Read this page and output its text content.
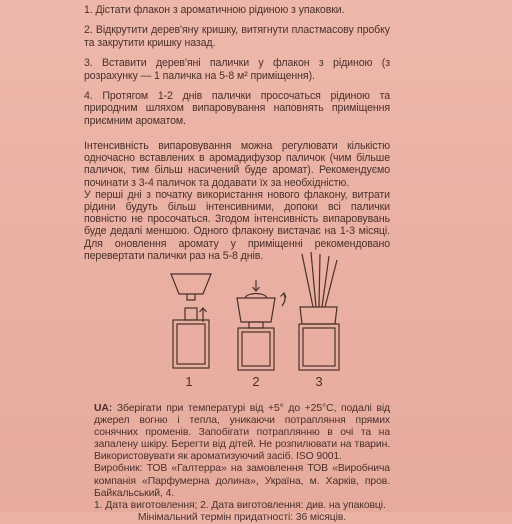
1. Дістати флакон з ароматичною рідиною з упаковки.

2. Відкрутити дерев'яну кришку, витягнути пластмасову пробку та закрутити кришку назад.

3. Вставити дерев'яні палички у флакон з рідиною (з розрахунку — 1 паличка на 5-8 м² приміщення).

4. Протягом 1-2 днів палички просочаться рідиною та природним шляхом випаровування наповнять приміщення приємним ароматом.

Інтенсивність випаровування можна регулювати кількістю одночасно вставлених в аромадифузор паличок (чим більше паличок, тим більш насичений буде аромат). Рекомендуємо починати з 3-4 паличок та додавати їх за необхідністю.

У перші дні з початку використання нового флакону, витрати рідини будуть більш інтенсивними, допоки всі палички повністю не просочаться. Згодом інтенсивність випаровувань буде дедалі меншою. Одного флакону вистачає на 1-3 місяці. Для оновлення аромату у приміщенні рекомендовано перевертати палички раз на 5-8 днів.

1	2	3

UA: Зберігати при температурі від +5° до +25°C, подалі від джерел вогню і тепла, уникаючи потрапляння прямих сонячних променів. Запобігати потраплянню в очі та на запалену шкіру. Берегти від дітей. Не розпилювати на тварин. Використовувати як ароматизуючий засіб. ISO 9001.

Виробник: ТОВ «Галтерра» на замовлення ТОВ «Виробнича компанія «Парфумерна долина», Україна, м. Харків, пров. Байкальський, 4.

1. Дата виготовлення; 2. Дата виготовлення: див. на упаковці.

Мінімальний термін придатності: 36 місяців.
